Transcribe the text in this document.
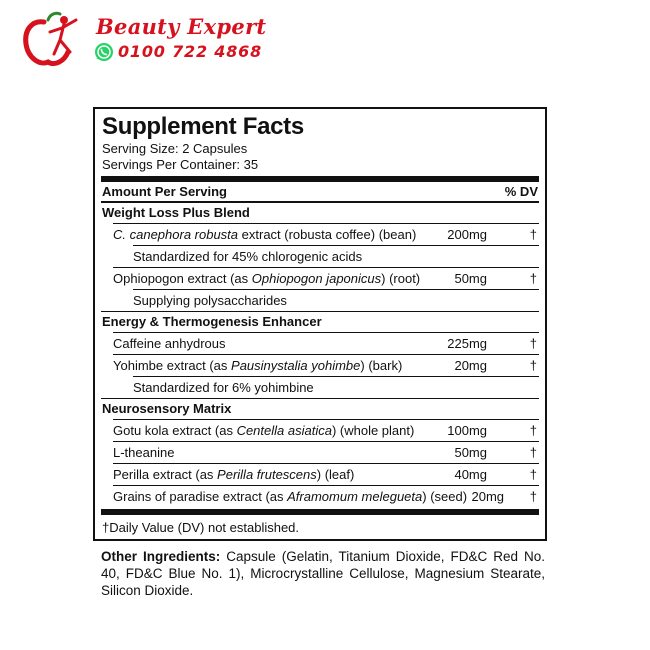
Beauty Expert
0100 722 4868
Supplement Facts
Serving Size: 2 Capsules
Servings Per Container: 35
Amount Per Serving	% DV
Weight Loss Plus Blend
C. canephora robusta extract (robusta coffee) (bean)	200mg	†
Standardized for 45% chlorogenic acids
Ophiopogon extract (as Ophiopogon japonicus) (root)	50mg	†
Supplying polysaccharides
Energy & Thermogenesis Enhancer
Caffeine anhydrous	225mg	†
Yohimbe extract (as Pausinystalia yohimbe) (bark)	20mg	†
Standardized for 6% yohimbine
Neurosensory Matrix
Gotu kola extract (as Centella asiatica) (whole plant)	100mg	†
L-theanine	50mg	†
Perilla extract (as Perilla frutescens) (leaf)	40mg	†
Grains of paradise extract (as Aframomum melegueta) (seed) 20mg	†
†Daily Value (DV) not established.
Other Ingredients: Capsule (Gelatin, Titanium Dioxide, FD&C Red No. 40, FD&C Blue No. 1), Microcrystalline Cellulose, Magnesium Stearate, Silicon Dioxide.
